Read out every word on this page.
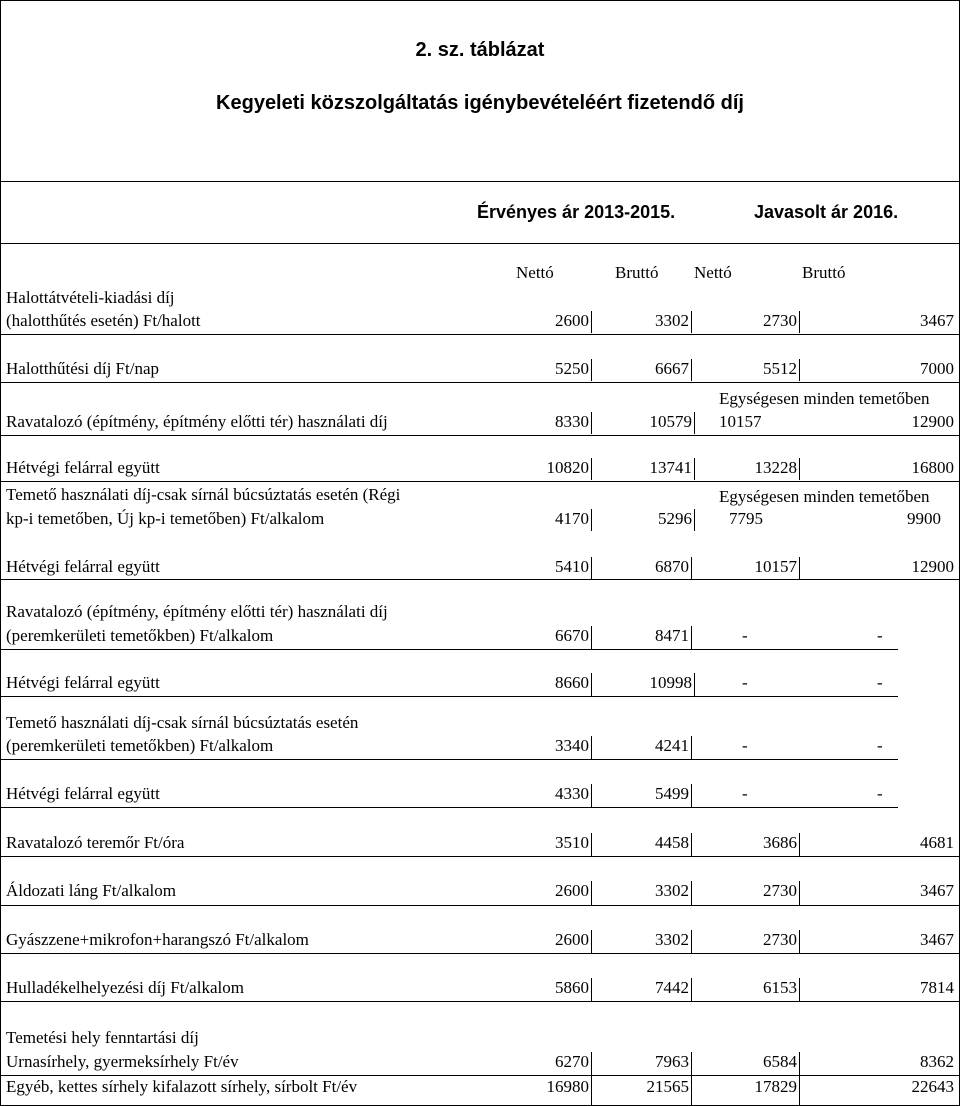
2. sz. táblázat
Kegyeleti közszolgáltatás igénybevételéért fizetendő díj
Érvényes ár 2013-2015.	Javasolt ár 2016.
Nettó	Bruttó Nettó	Bruttó
Halottátvételi-kiadási díj
(halotthűtés esetén) Ft/halott	2600	3302	2730	3467
Halotthűtési díj Ft/nap	5250	6667	5512	7000
Ravatalozó (építmény, építmény előtti tér) használati díj
Egységesen minden temetőben
8330	10579 10157	12900
Hétvégi felárral együtt	10820	13741	13228	16800
Temető használati díj-csak sírnál búcsúztatás esetén (Régi
kp-i temetőben, Új kp-i temetőben) Ft/alkalom
Egységesen minden temetőben
4170	5296 7795	9900
Hétvégi felárral együtt	5410	6870	10157	12900
Ravatalozó (építmény, építmény előtti tér) használati díj
(peremkerületi temetőkben) Ft/alkalom	6670	8471	-	-
Hétvégi felárral együtt	8660	10998	-	-
Temető használati díj-csak sírnál búcsúztatás esetén
(peremkerületi temetőkben) Ft/alkalom	3340	4241	-	-
Hétvégi felárral együtt	4330	5499	-	-
Ravatalozó teremőr Ft/óra	3510	4458	3686	4681
Áldozati láng Ft/alkalom	2600	3302	2730	3467
Gyászzene+mikrofon+harangszó Ft/alkalom	2600	3302	2730	3467
Hulladékelhelyezési díj Ft/alkalom	5860	7442	6153	7814
Temetési hely fenntartási díj
Urnasírhely, gyermeksírhely Ft/év	6270	7963	6584	8362
Egyéb, kettes sírhely kifalazott sírhely, sírbolt Ft/év	16980	21565	17829	22643
